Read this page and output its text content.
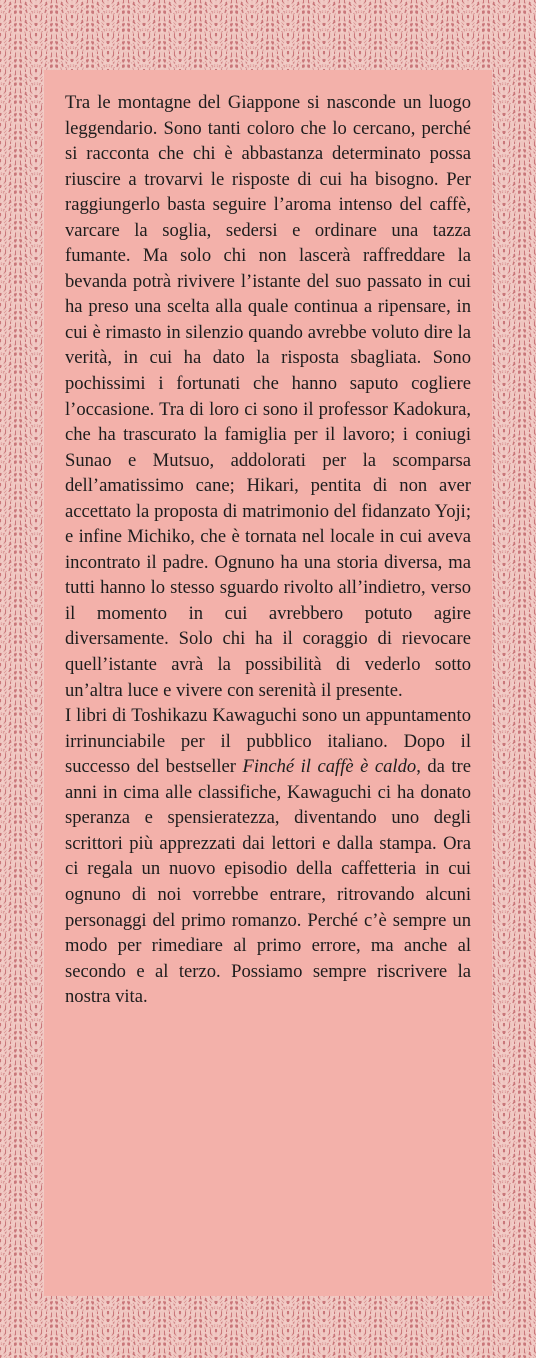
Tra le montagne del Giappone si nasconde un luogo leggendario. Sono tanti coloro che lo cercano, perché si racconta che chi è abbastanza determinato possa riuscire a trovarvi le risposte di cui ha bisogno. Per raggiungerlo basta seguire l’aroma intenso del caffè, varcare la soglia, sedersi e ordinare una tazza fumante. Ma solo chi non lascerà raffreddare la bevanda potrà rivivere l’istante del suo passato in cui ha preso una scelta alla quale continua a ripensare, in cui è rimasto in silenzio quando avrebbe voluto dire la verità, in cui ha dato la risposta sbagliata. Sono pochissimi i fortunati che hanno saputo cogliere l’occasione. Tra di loro ci sono il professor Kadokura, che ha trascurato la famiglia per il lavoro; i coniugi Sunao e Mutsuo, addolorati per la scomparsa dell’amatissimo cane; Hikari, pentita di non aver accettato la proposta di matrimonio del fidanzato Yoji; e infine Michiko, che è tornata nel locale in cui aveva incontrato il padre. Ognuno ha una storia diversa, ma tutti hanno lo stesso sguardo rivolto all’indietro, verso il momento in cui avrebbero potuto agire diversamente. Solo chi ha il coraggio di rievocare quell’istante avrà la possibilità di vederlo sotto un’altra luce e vivere con serenità il presente.

I libri di Toshikazu Kawaguchi sono un appuntamento irrinunciabile per il pubblico italiano. Dopo il successo del bestseller Finché il caffè è caldo, da tre anni in cima alle classifiche, Kawaguchi ci ha donato speranza e spensieratezza, diventando uno degli scrittori più apprezzati dai lettori e dalla stampa. Ora ci regala un nuovo episodio della caffetteria in cui ognuno di noi vorrebbe entrare, ritrovando alcuni personaggi del primo romanzo. Perché c’è sempre un modo per rimediare al primo errore, ma anche al secondo e al terzo. Possiamo sempre riscrivere la nostra vita.
